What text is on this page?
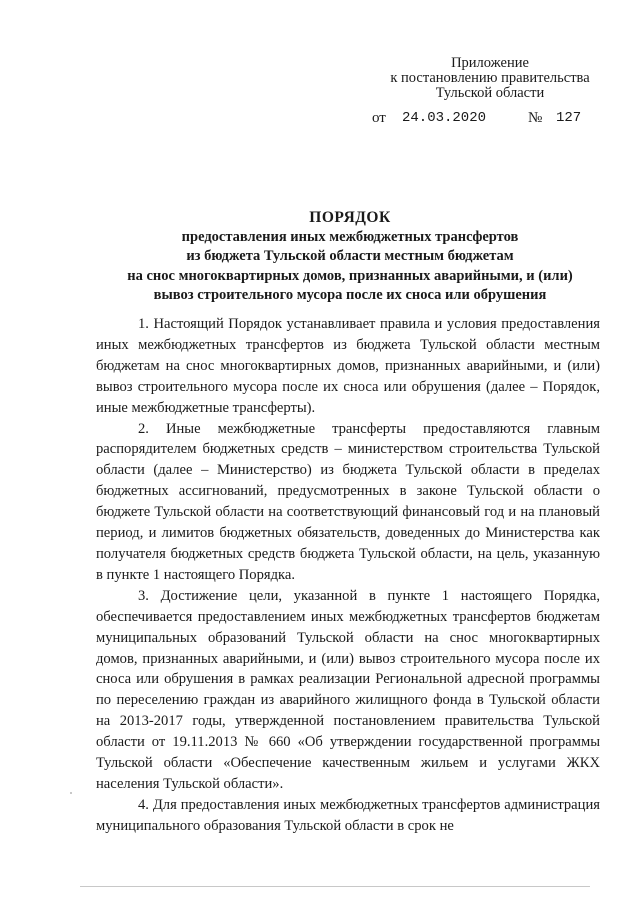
Приложение
к постановлению правительства
Тульской области

от

24.03.2020

	№

127

ПОРЯДОК
предоставления иных межбюджетных трансфертов
из бюджета Тульской области местным бюджетам
на снос многоквартирных домов, признанных аварийными, и (или)
вывоз строительного мусора после их сноса или обрушения

1. Настоящий Порядок устанавливает правила и условия предоставления иных межбюджетных трансфертов из бюджета Тульской области местным бюджетам на снос многоквартирных домов, признанных аварийными, и (или) вывоз строительного мусора после их сноса или обрушения (далее – Порядок, иные межбюджетные трансферты).

2. Иные межбюджетные трансферты предоставляются главным распорядителем бюджетных средств – министерством строительства Тульской области (далее – Министерство) из бюджета Тульской области в пределах бюджетных ассигнований, предусмотренных в законе Тульской области о бюджете Тульской области на соответствующий финансовый год и на плановый период, и лимитов бюджетных обязательств, доведенных до Министерства как получателя бюджетных средств бюджета Тульской области, на цель, указанную в пункте 1 настоящего Порядка.

3. Достижение цели, указанной в пункте 1 настоящего Порядка, обеспечивается предоставлением иных межбюджетных трансфертов бюджетам муниципальных образований Тульской области на снос многоквартирных домов, признанных аварийными, и (или) вывоз строительного мусора после их сноса или обрушения в рамках реализации Региональной адресной программы по переселению граждан из аварийного жилищного фонда в Тульской области на 2013-2017 годы, утвержденной постановлением правительства Тульской области от 19.11.2013 № 660 «Об утверждении государственной программы Тульской области «Обеспечение качественным жильем и услугами ЖКХ населения Тульской области».

4. Для предоставления иных межбюджетных трансфертов администрация муниципального образования Тульской области в срок не
